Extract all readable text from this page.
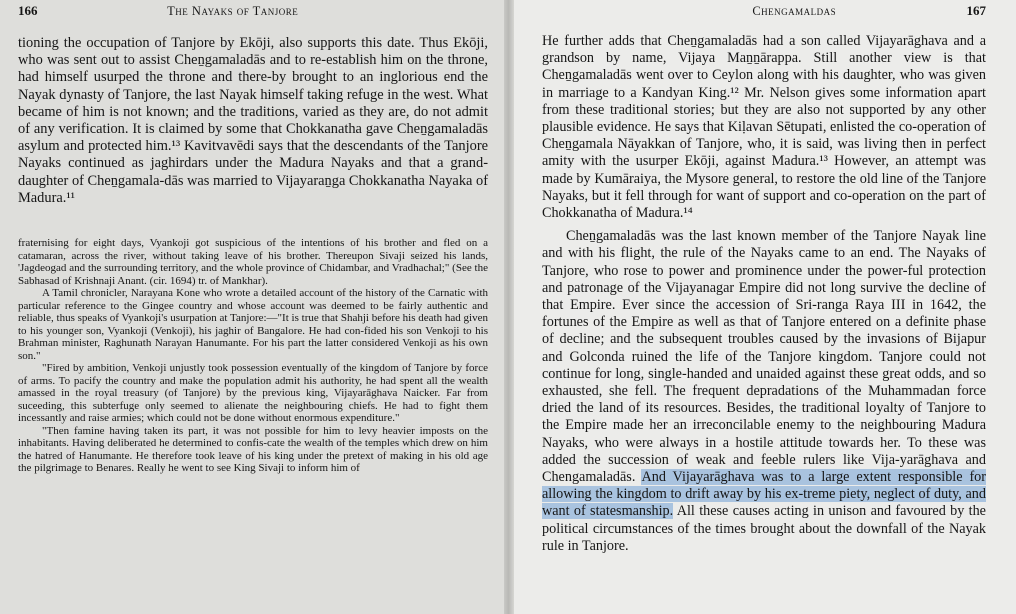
166	The Nayaks of Tanjore

tioning the occupation of Tanjore by Ekōji, also supports this date. Thus Ekōji, who was sent out to assist Cheṉgamaladās and to re-establish him on the throne, had himself usurped the throne and there-by brought to an inglorious end the Nayak dynasty of Tanjore, the last Nayak himself taking refuge in the west. What became of him is not known; and the traditions, varied as they are, do not admit of any verification. It is claimed by some that Chokkanatha gave Cheṉgamaladās asylum and protected him.¹³ Kavitvavēdi says that the descendants of the Tanjore Nayaks continued as jaghirdars under the Madura Nayaks and that a grand-daughter of Cheṉgamala-dās was married to Vijayaraṉga Chokkanatha Nayaka of Madura.¹¹

fraternising for eight days, Vyankoji got suspicious of the intentions of his brother and fled on a catamaran, across the river, without taking leave of his brother. Thereupon Sivaji seized his lands, 'Jagdeogad and the surrounding territory, and the whole province of Chidambar, and Vradhachal;" (See the Sabhasad of Krishnaji Anant. (cir. 1694) tr. of Mankhar).

A Tamil chronicler, Narayana Kone who wrote a detailed account of the history of the Carnatic with particular reference to the Gingee country and whose account was deemed to be fairly authentic and reliable, thus speaks of Vyankoji's usurpation at Tanjore:—"It is true that Shahji before his death had given to his younger son, Vyankoji (Venkoji), his jaghir of Bangalore. He had con-fided his son Venkoji to his Brahman minister, Raghunath Narayan Hanumante. For his part the latter considered Venkoji as his own son."

"Fired by ambition, Venkoji unjustly took possession eventually of the kingdom of Tanjore by force of arms. To pacify the country and make the population admit his authority, he had spent all the wealth amassed in the royal treasury (of Tanjore) by the previous king, Vijayarāghava Naicker. Far from suceeding, this subterfuge only seemed to alienate the neighbouring chiefs. He had to fight them incessantly and raise armies; which could not be done without enormous expenditure."

"Then famine having taken its part, it was not possible for him to levy heavier imposts on the inhabitants. Having deliberated he determined to confis-cate the wealth of the temples which drew on him the hatred of Hanumante. He therefore took leave of his king under the pretext of making in his old age the pilgrimage to Benares. Really he went to see King Sivaji to inform him of

Chengamaldas	167

He further adds that Cheṉgamaladās had a son called Vijayarāghava and a grandson by name, Vijaya Maṉṉārappa. Still another view is that Cheṉgamaladās went over to Ceylon along with his daughter, who was given in marriage to a Kandyan King.¹² Mr. Nelson gives some information apart from these traditional stories; but they are also not supported by any other plausible evidence. He says that Kiḷavan Sētupati, enlisted the co-operation of Cheṉgamala Nāyakkan of Tanjore, who, it is said, was living then in perfect amity with the usurper Ekōji, against Madura.¹³ However, an attempt was made by Kumāraiya, the Mysore general, to restore the old line of the Tanjore Nayaks, but it fell through for want of support and co-operation on the part of Chokkanatha of Madura.¹⁴

Cheṉgamaladās was the last known member of the Tanjore Nayak line and with his flight, the rule of the Nayaks came to an end. The Nayaks of Tanjore, who rose to power and prominence under the power-ful protection and patronage of the Vijayanagar Empire did not long survive the decline of that Empire. Ever since the accession of Sri-ranga Raya III in 1642, the fortunes of the Empire as well as that of Tanjore entered on a definite phase of decline; and the subsequent troubles caused by the invasions of Bijapur and Golconda ruined the life of the Tanjore kingdom. Tanjore could not continue for long, single-handed and unaided against these great odds, and so exhausted, she fell. The frequent depradations of the Muhammadan force dried the land of its resources. Besides, the traditional loyalty of Tanjore to the Empire made her an irreconcilable enemy to the neighbouring Madura Nayaks, who were always in a hostile attitude towards her. To these was added the succession of weak and feeble rulers like Vija-yarāghava and Chengamaladās. And Vijayarāghava was to a large extent responsible for allowing the kingdom to drift away by his ex-treme piety, neglect of duty, and want of statesmanship. All these causes acting in unison and favoured by the political circumstances of the times brought about the downfall of the Nayak rule in Tanjore.
